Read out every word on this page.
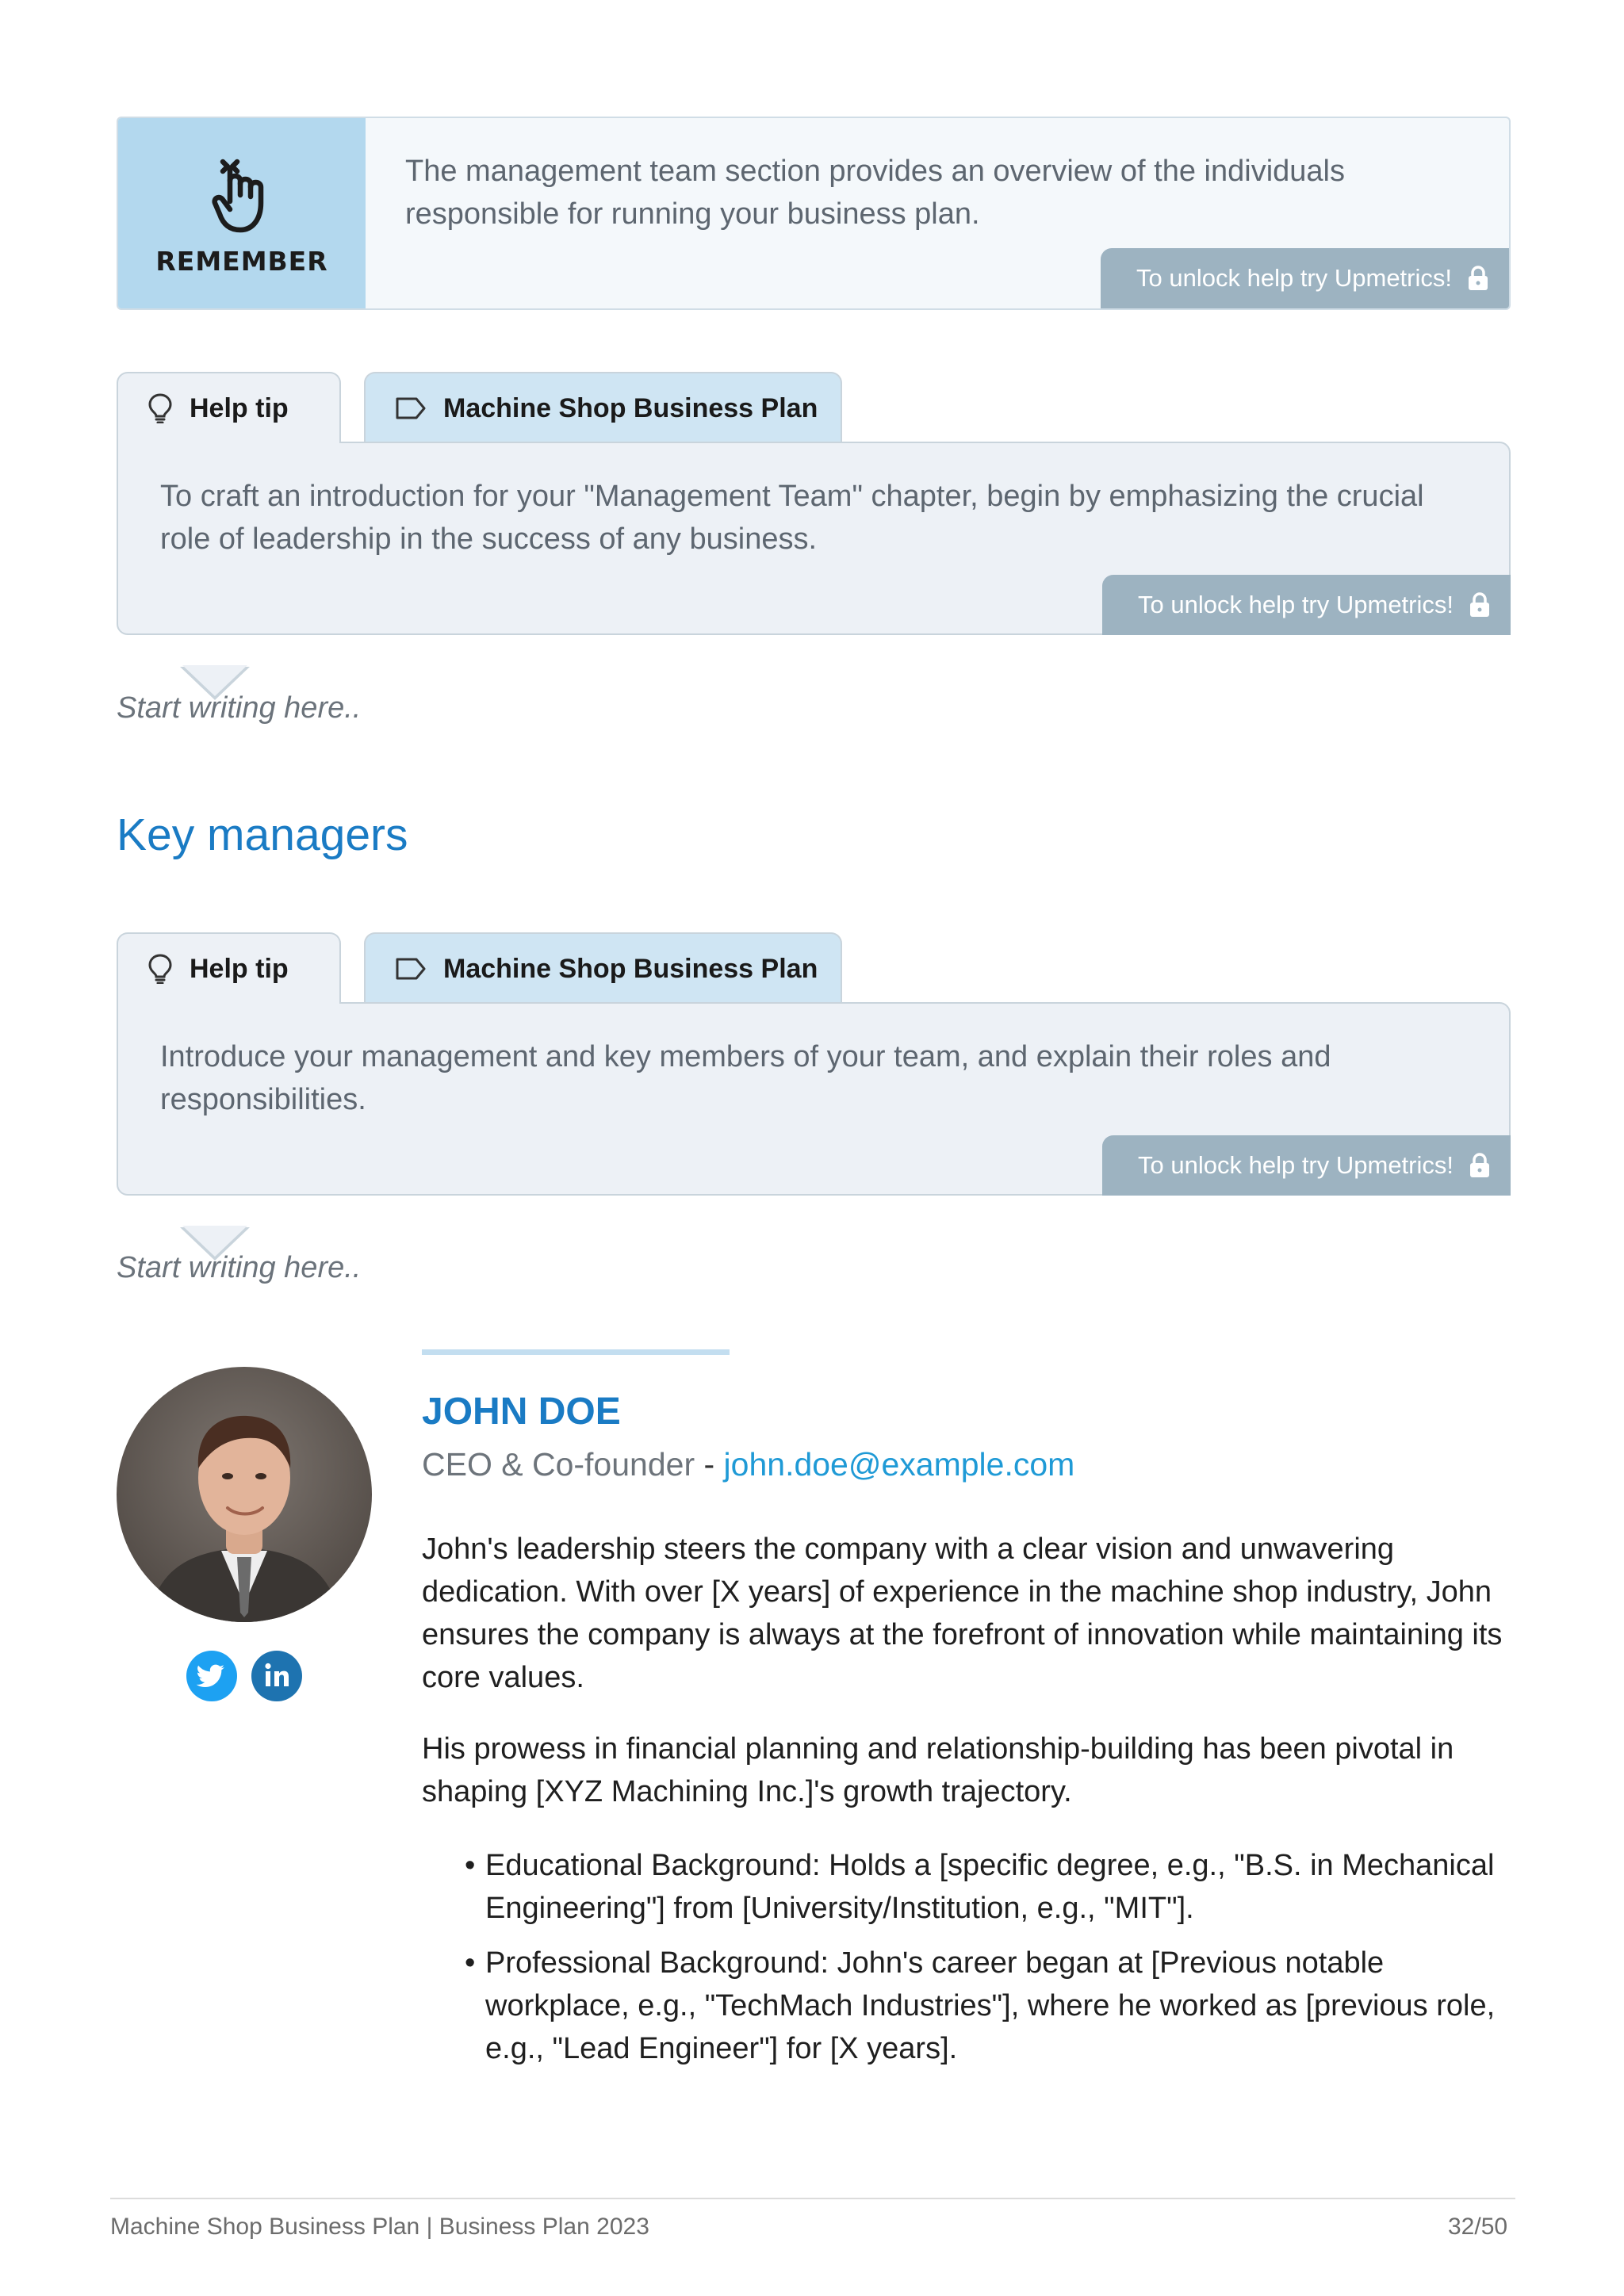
REMEMBER
The management team section provides an overview of the individuals responsible for running your business plan.
To unlock help try Upmetrics!
Help tip	Machine Shop Business Plan
To craft an introduction for your "Management Team" chapter, begin by emphasizing the crucial role of leadership in the success of any business.
To unlock help try Upmetrics!
Start writing here..
Key managers
Help tip	Machine Shop Business Plan
Introduce your management and key members of your team, and explain their roles and responsibilities.
To unlock help try Upmetrics!
Start writing here..
JOHN DOE
CEO & Co-founder - john.doe@example.com
John's leadership steers the company with a clear vision and unwavering dedication. With over [X years] of experience in the machine shop industry, John ensures the company is always at the forefront of innovation while maintaining its core values.
His prowess in financial planning and relationship-building has been pivotal in shaping [XYZ Machining Inc.]'s growth trajectory.
• Educational Background: Holds a [specific degree, e.g., "B.S. in Mechanical Engineering"] from [University/Institution, e.g., "MIT"].
• Professional Background: John's career began at [Previous notable workplace, e.g., "TechMach Industries"], where he worked as [previous role, e.g., "Lead Engineer"] for [X years].
Machine Shop Business Plan | Business Plan 2023	32/50
